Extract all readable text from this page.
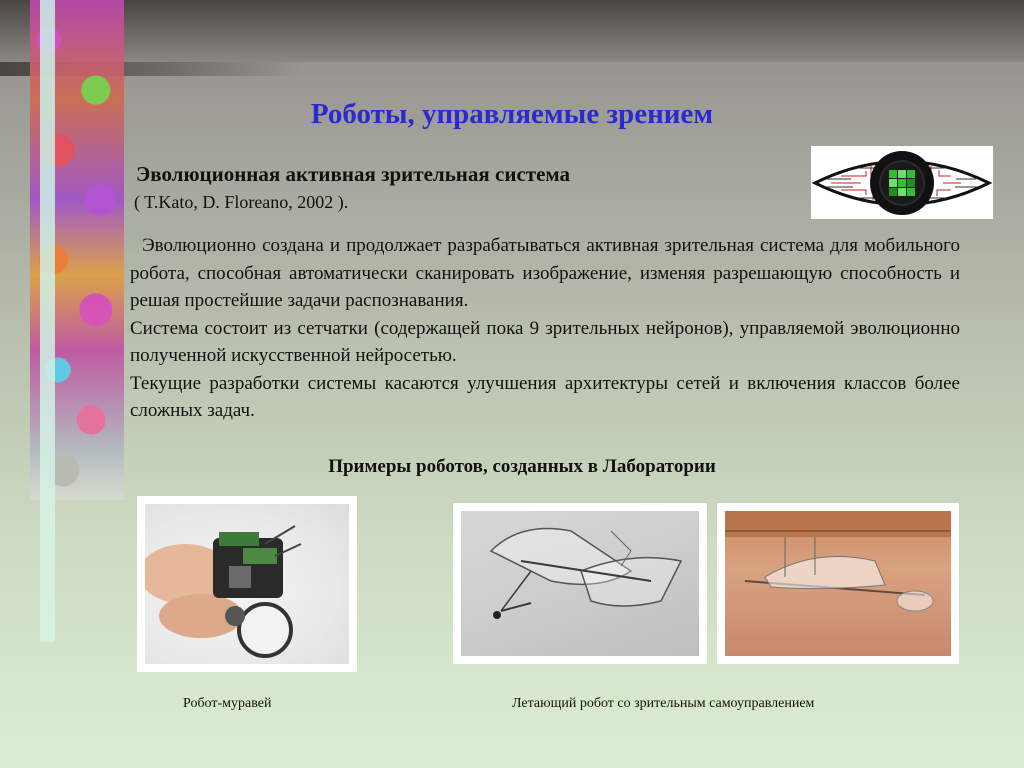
Роботы, управляемые зрением
Эволюционная активная зрительная система
( T.Kato, D. Floreano, 2002 ).

Эволюционно создана и продолжает разрабатываться активная зрительная система для мобильного робота, способная автоматически сканировать изображение, изменяя разрешающую способность и решая простейшие задачи распознавания.

Система состоит из сетчатки (содержащей пока 9 зрительных нейронов), управляемой эволюционно полученной искусственной нейросетью.

Текущие разработки системы касаются улучшения архитектуры сетей и включения классов более сложных задач.

Примеры роботов, созданных в Лаборатории
Робот-муравей	Летающий робот со зрительным самоуправлением
